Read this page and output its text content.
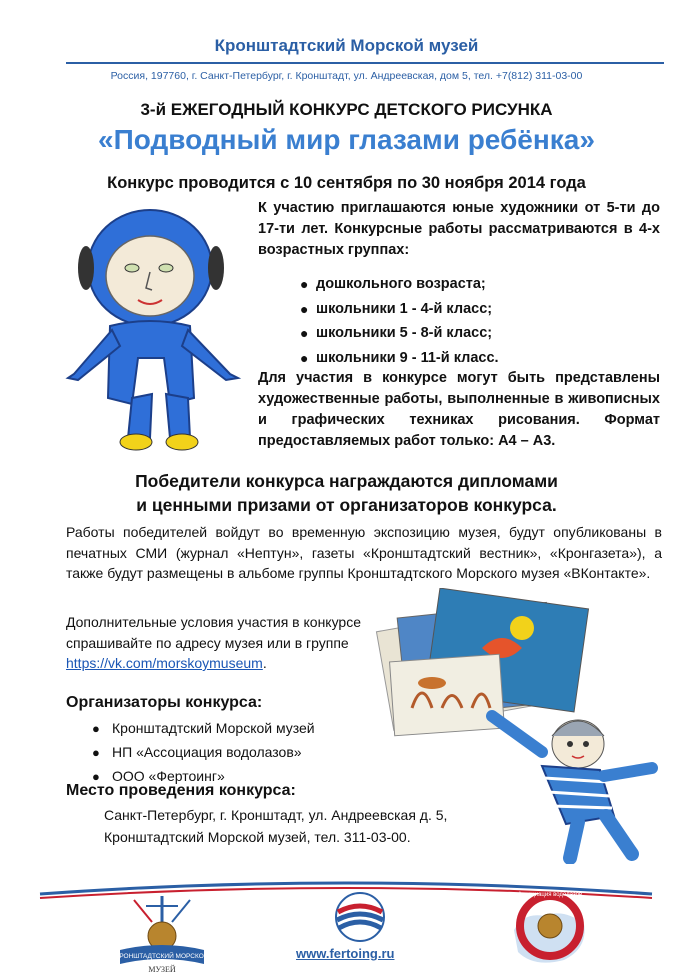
Кронштадтский Морской музей
Россия, 197760, г. Санкт-Петербург, г. Кронштадт, ул. Андреевская, дом 5, тел. +7(812) 311-03-00
3-й ЕЖЕГОДНЫЙ КОНКУРС ДЕТСКОГО РИСУНКА
«Подводный мир глазами ребёнка»
Конкурс проводится с 10 сентября по 30 ноября 2014 года
К участию приглашаются юные художники от 5-ти до 17-ти лет. Конкурсные работы рассматриваются в 4-х возрастных группах:
● дошкольного возраста;
● школьники 1 - 4-й класс;
● школьники 5 - 8-й класс;
● школьники 9 - 11-й класс.
Для участия в конкурсе могут быть представлены художественные работы, выполненные в живописных и графических техниках рисования. Формат предоставляемых работ только: А4 – А3.
Победители конкурса награждаются дипломами
и ценными призами от организаторов конкурса.
Работы победителей войдут во временную экспозицию музея, будут опубликованы в печатных СМИ (журнал «Нептун», газеты «Кронштадтский вестник», «Кронгазета»), а также будут размещены в альбоме группы Кронштадтского Морского музея «ВКонтакте».
Дополнительные условия участия в конкурсе
спрашивайте по адресу музея или в группе
https://vk.com/morskoymuseum.
Организаторы конкурса:
● Кронштадтский Морской музей
● НП «Ассоциация водолазов»
● ООО «Фертоинг»
Место проведения конкурса:
Санкт-Петербург, г. Кронштадт, ул. Андреевская д. 5,
Кронштадтский Морской музей, тел. 311-03-00.
КРОНШТАДТСКИЙ МОРСКОЙ
МУЗЕЙ
www.fertoing.ru
Ассоциация водолазов
